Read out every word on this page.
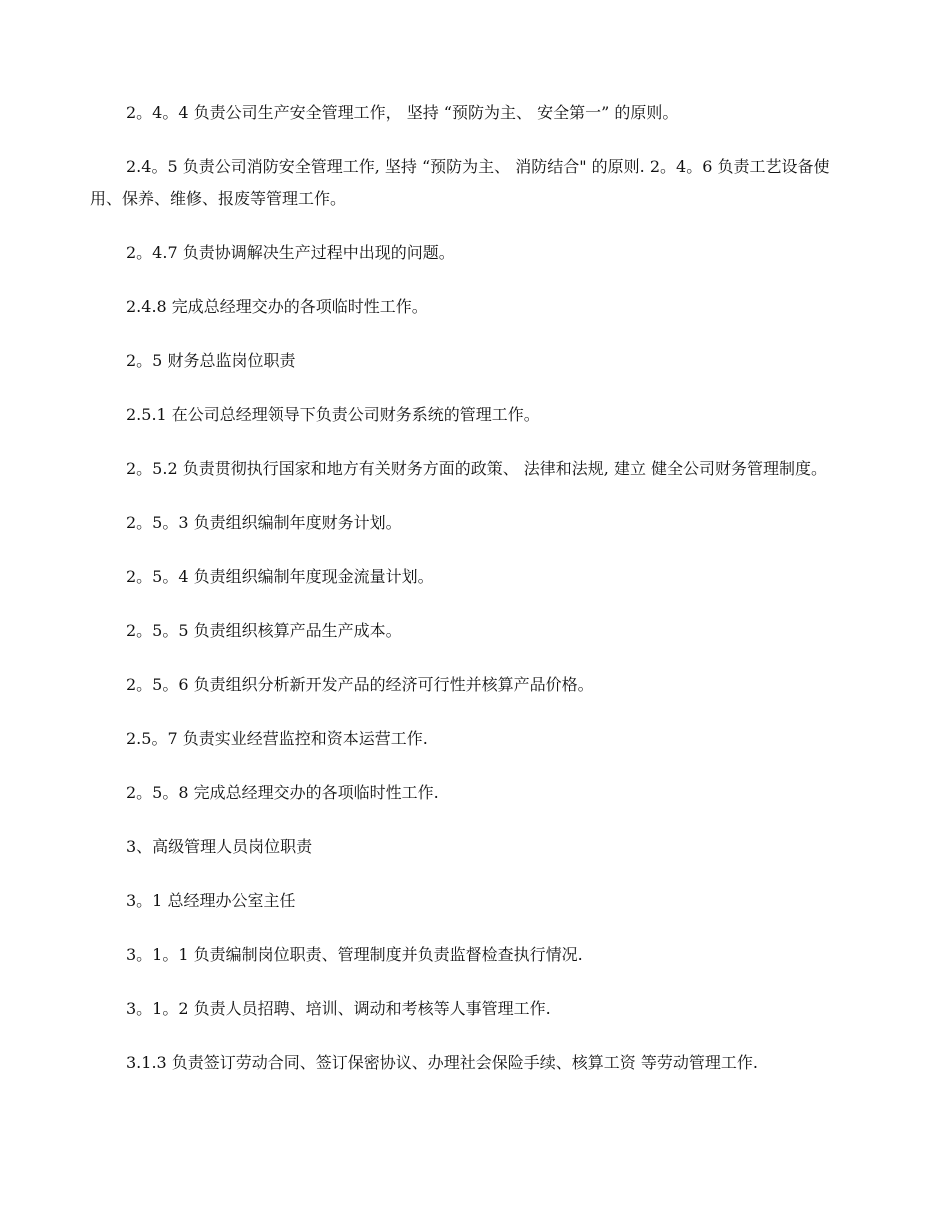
2。4。4 负责公司生产安全管理工作， 坚持 “预防为主、 安全第一” 的原则。

2.4。5 负责公司消防安全管理工作, 坚持 “预防为主、 消防结合" 的原则. 2。4。6 负责工艺设备使用、保养、维修、报废等管理工作。

2。4.7 负责协调解决生产过程中出现的问题。

2.4.8 完成总经理交办的各项临时性工作。

2。5 财务总监岗位职责

2.5.1 在公司总经理领导下负责公司财务系统的管理工作。

2。5.2 负责贯彻执行国家和地方有关财务方面的政策、 法律和法规, 建立 健全公司财务管理制度。

2。5。3 负责组织编制年度财务计划。

2。5。4 负责组织编制年度现金流量计划。

2。5。5 负责组织核算产品生产成本。

2。5。6 负责组织分析新开发产品的经济可行性并核算产品价格。

2.5。7 负责实业经营监控和资本运营工作.

2。5。8 完成总经理交办的各项临时性工作.

3、高级管理人员岗位职责

3。1 总经理办公室主任

3。1。1 负责编制岗位职责、管理制度并负责监督检查执行情况.

3。1。2 负责人员招聘、培训、调动和考核等人事管理工作.

3.1.3 负责签订劳动合同、签订保密协议、办理社会保险手续、核算工资 等劳动管理工作.
